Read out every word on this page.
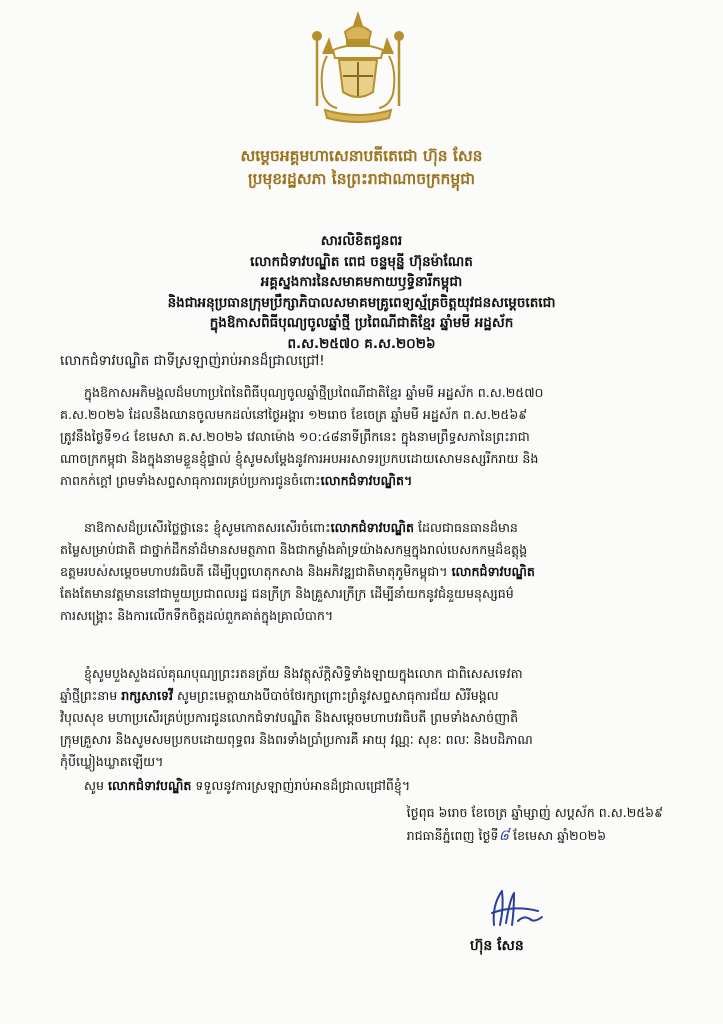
សម្តេចអគ្គមហាសេនាបតីតេជោ ហ៊ុន សែន
ប្រមុខរដ្ឋសភា នៃព្រះរាជាណាចក្រកម្ពុជា
សារលិខិតជូនពរ
លោកជំទាវបណ្ឌិត ពេជ ចន្ទមុន្នី ហ៊ុនម៉ាណែត
អគ្គស្នងការនៃសមាគមកាយឫទ្ធិនារីកម្ពុជា
និងជាអនុប្រធានក្រុមប្រឹក្សាភិបាលសមាគមគ្រូពេទ្យស្ម័គ្រចិត្តយុវជនសម្តេចតេជោ
ក្នុងឱកាសពិធីបុណ្យចូលឆ្នាំថ្មី ប្រពៃណីជាតិខ្មែរ ឆ្នាំមមី អដ្ឋស័ក
ព.ស.២៥៧០ គ.ស.២០២៦
លោកជំទាវបណ្ឌិត ជាទីស្រឡាញ់រាប់អានដ៏ជ្រាលជ្រៅ!
ក្នុងឱកាសអភិមង្គលដ៏មហាប្រពៃនៃពិធីបុណ្យចូលឆ្នាំថ្មីប្រពៃណីជាតិខ្មែរ ឆ្នាំមមី អដ្ឋស័ក ព.ស.២៥៧០
គ.ស.២០២៦ ដែលនឹងឈានចូលមកដល់នៅថ្ងៃអង្គារ ១២រោច ខែចេត្រ ឆ្នាំមមី អដ្ឋស័ក ព.ស.២៥៦៩
ត្រូវនឹងថ្ងៃទី១៤ ខែមេសា គ.ស.២០២៦ វេលាម៉ោង ១០:៤៨នាទីព្រឹកនេះ ក្នុងនាមព្រឹទ្ធសភានៃព្រះរាជា
ណាចក្រកម្ពុជា និងក្នុងនាមខ្លួនខ្ញុំផ្ទាល់ ខ្ញុំសូមសម្តែងនូវការអបអរសាទរប្រកបដោយសោមនស្សរីករាយ និង
ភាពកក់ក្តៅ ព្រមទាំងសព្ទសាធុការពរគ្រប់ប្រការជូនចំពោះលោកជំទាវបណ្ឌិត។
នាឱកាសដ៏ប្រសើរថ្លៃថ្លានេះ ខ្ញុំសូមកោតសរសើរចំពោះលោកជំទាវបណ្ឌិត ដែលជាធនធានដ៏មាន
តម្លៃសម្រាប់ជាតិ ជាថ្នាក់ដឹកនាំដ៏មានសមត្ថភាព និងជាកម្លាំងគាំទ្រយ៉ាងសកម្មក្នុងរាល់បេសកកម្មដ៏ឧត្តុង្គ
ឧត្តមរបស់សម្តេចមហាបវរធិបតី ដើម្បីបុព្វហេតុកសាង និងអភិវឌ្ឍជាតិមាតុភូមិកម្ពុជា។ លោកជំទាវបណ្ឌិត
តែងតែមានវត្តមាននៅជាមួយប្រជាពលរដ្ឋ ជនក្រីក្រ និងគ្រួសារក្រីក្រ ដើម្បីនាំយកនូវជំនួយមនុស្សធម៌
ការសង្គ្រោះ និងការលើកទឹកចិត្តដល់ពួកគាត់ក្នុងគ្រាលំបាក។
ខ្ញុំសូមបួងសួងដល់គុណបុណ្យព្រះរតនត្រ័យ និងវត្ថុស័ក្តិសិទ្ធិទាំងឡាយក្នុងលោក ជាពិសេសទេវតា
ឆ្នាំថ្មីព្រះនាម រាក្សសាទេវី សូមព្រះមេត្តាយាងបីបាច់ថែរក្សាព្រោះព្រំនូវសព្ទសាធុការជ័យ សិរីមង្គល
វិបុលសុខ មហាប្រសើរគ្រប់ប្រការជូនលោកជំទាវបណ្ឌិត និងសម្តេចមហាបវរធិបតី ព្រមទាំងសាច់ញាតិ
ក្រុមគ្រួសារ និងសូមសមប្រកបដោយពុទ្ធពរ និងពរទាំងប្រាំប្រការគឺ អាយុ វណ្ណៈ សុខៈ ពលៈ និងបដិភាណ
កុំបីឃ្លៀងឃ្លាតឡើយ។
សូម លោកជំទាវបណ្ឌិត ទទួលនូវការស្រឡាញ់រាប់អានដ៏ជ្រាលជ្រៅពីខ្ញុំ។
ថ្ងៃពុធ ៦រោច ខែចេត្រ ឆ្នាំម្សាញ់ សប្តស័ក ព.ស.២៥៦៩
រាជធានីភ្នំពេញ ថ្ងៃទី៨ ខែមេសា ឆ្នាំ២០២៦
ហ៊ុន សែន
